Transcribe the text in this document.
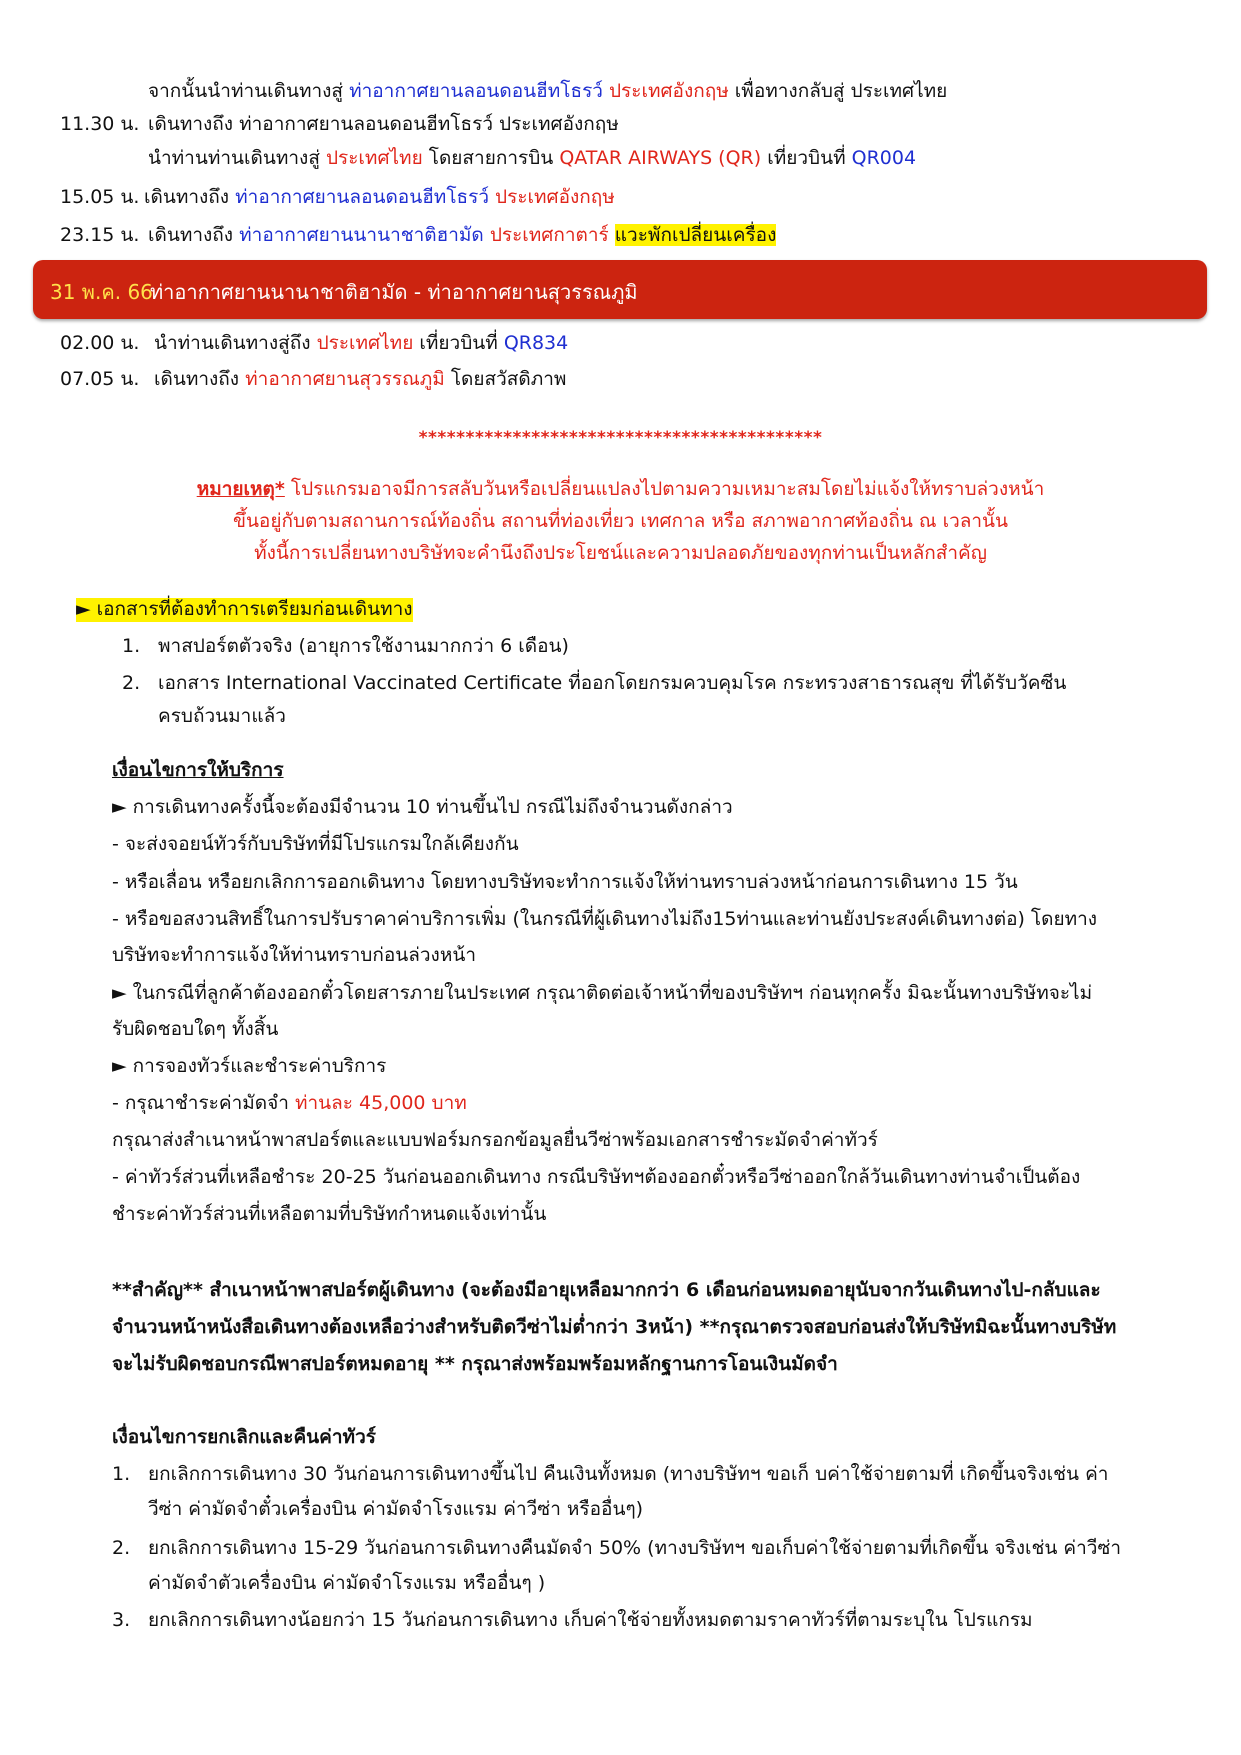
จากนั้นนำท่านเดินทางสู่ ท่าอากาศยานลอนดอนฮีทโธรว์ ประเทศอังกฤษ เพื่อทางกลับสู่ ประเทศไทย
11.30 น. เดินทางถึง ท่าอากาศยานลอนดอนฮีทโธรว์ ประเทศอังกฤษ
นำท่านท่านเดินทางสู่ ประเทศไทย โดยสายการบิน QATAR AIRWAYS (QR) เที่ยวบินที่ QR004
15.05 น. เดินทางถึง ท่าอากาศยานลอนดอนฮีทโธรว์ ประเทศอังกฤษ
23.15 น. เดินทางถึง ท่าอากาศยานนานาชาติฮามัด ประเทศกาตาร์ แวะพักเปลี่ยนเครื่อง
31 พ.ค. 66
ท่าอากาศยานนานาชาติฮามัด - ท่าอากาศยานสุวรรณภูมิ
02.00 น. นำท่านเดินทางสู่ถึง ประเทศไทย เที่ยวบินที่ QR834
07.05 น. เดินทางถึง ท่าอากาศยานสุวรรณภูมิ โดยสวัสดิภาพ
*******************************************
หมายเหตุ* โปรแกรมอาจมีการสลับวันหรือเปลี่ยนแปลงไปตามความเหมาะสมโดยไม่แจ้งให้ทราบล่วงหน้า
ขึ้นอยู่กับตามสถานการณ์ท้องถิ่น สถานที่ท่องเที่ยว เทศกาล หรือ สภาพอากาศท้องถิ่น ณ เวลานั้น
ทั้งนี้การเปลี่ยนทางบริษัทจะคำนึงถึงประโยชน์และความปลอดภัยของทุกท่านเป็นหลักสำคัญ
► เอกสารที่ต้องทำการเตรียมก่อนเดินทาง
1. พาสปอร์ตตัวจริง (อายุการใช้งานมากกว่า 6 เดือน)
2. เอกสาร International Vaccinated Certificate ที่ออกโดยกรมควบคุมโรค กระทรวงสาธารณสุข ที่ได้รับวัคซีน
ครบถ้วนมาแล้ว
เงื่อนไขการให้บริการ
► การเดินทางครั้งนี้จะต้องมีจำนวน 10 ท่านขึ้นไป กรณีไม่ถึงจำนวนดังกล่าว
- จะส่งจอยน์ทัวร์กับบริษัทที่มีโปรแกรมใกล้เคียงกัน
- หรือเลื่อน หรือยกเลิกการออกเดินทาง โดยทางบริษัทจะทำการแจ้งให้ท่านทราบล่วงหน้าก่อนการเดินทาง 15 วัน
- หรือขอสงวนสิทธิ์ในการปรับราคาค่าบริการเพิ่ม (ในกรณีที่ผู้เดินทางไม่ถึง15ท่านและท่านยังประสงค์เดินทางต่อ) โดยทาง
บริษัทจะทำการแจ้งให้ท่านทราบก่อนล่วงหน้า
► ในกรณีที่ลูกค้าต้องออกตั๋วโดยสารภายในประเทศ กรุณาติดต่อเจ้าหน้าที่ของบริษัทฯ ก่อนทุกครั้ง มิฉะนั้นทางบริษัทจะไม่
รับผิดชอบใดๆ ทั้งสิ้น
► การจองทัวร์และชำระค่าบริการ
- กรุณาชำระค่ามัดจำ ท่านละ 45,000 บาท
กรุณาส่งสำเนาหน้าพาสปอร์ตและแบบฟอร์มกรอกข้อมูลยื่นวีซ่าพร้อมเอกสารชำระมัดจำค่าทัวร์
- ค่าทัวร์ส่วนที่เหลือชำระ 20-25 วันก่อนออกเดินทาง กรณีบริษัทฯต้องออกตั๋วหรือวีซ่าออกใกล้วันเดินทางท่านจำเป็นต้อง
ชำระค่าทัวร์ส่วนที่เหลือตามที่บริษัทกำหนดแจ้งเท่านั้น
**สำคัญ** สำเนาหน้าพาสปอร์ตผู้เดินทาง (จะต้องมีอายุเหลือมากกว่า 6 เดือนก่อนหมดอายุนับจากวันเดินทางไป-กลับและ
จำนวนหน้าหนังสือเดินทางต้องเหลือว่างสำหรับติดวีซ่าไม่ต่ำกว่า 3หน้า) **กรุณาตรวจสอบก่อนส่งให้บริษัทมิฉะนั้นทางบริษัท
จะไม่รับผิดชอบกรณีพาสปอร์ตหมดอายุ ** กรุณาส่งพร้อมพร้อมหลักฐานการโอนเงินมัดจำ
เงื่อนไขการยกเลิกและคืนค่าทัวร์
1. ยกเลิกการเดินทาง 30 วันก่อนการเดินทางขึ้นไป คืนเงินทั้งหมด (ทางบริษัทฯ ขอเก็ บค่าใช้จ่ายตามที่ เกิดขึ้นจริงเช่น ค่า
วีซ่า ค่ามัดจำตั๋วเครื่องบิน ค่ามัดจำโรงแรม ค่าวีซ่า หรืออื่นๆ)
2. ยกเลิกการเดินทาง 15-29 วันก่อนการเดินทางคืนมัดจำ 50% (ทางบริษัทฯ ขอเก็บค่าใช้จ่ายตามที่เกิดขึ้น จริงเช่น ค่าวีซ่า
ค่ามัดจำตัวเครื่องบิน ค่ามัดจำโรงแรม หรืออื่นๆ )
3. ยกเลิกการเดินทางน้อยกว่า 15 วันก่อนการเดินทาง เก็บค่าใช้จ่ายทั้งหมดตามราคาทัวร์ที่ตามระบุใน โปรแกรม
